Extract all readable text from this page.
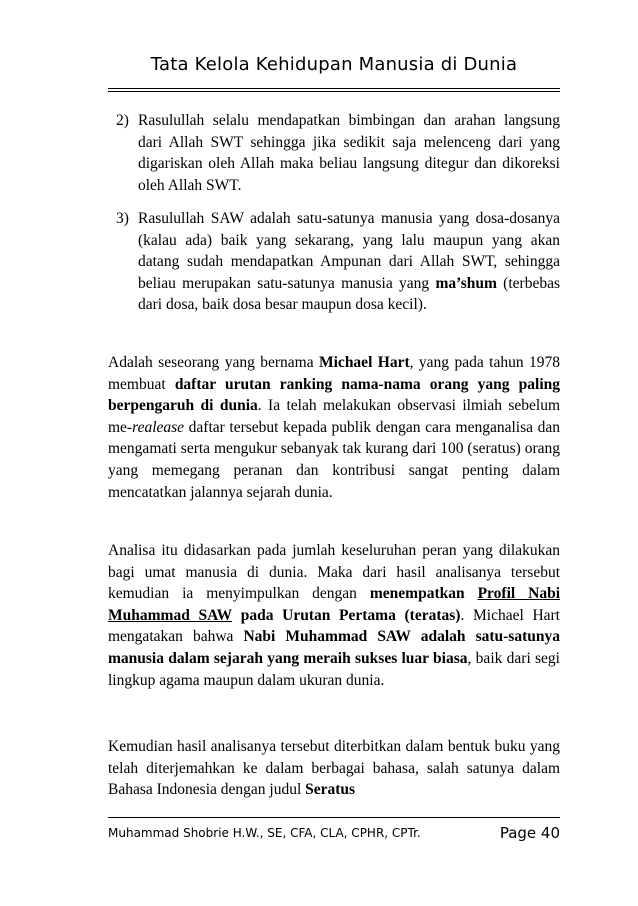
Tata Kelola Kehidupan Manusia di Dunia
2) Rasulullah selalu mendapatkan bimbingan dan arahan langsung dari Allah SWT sehingga jika sedikit saja melenceng dari yang digariskan oleh Allah maka beliau langsung ditegur dan dikoreksi oleh Allah SWT.
3) Rasulullah SAW adalah satu-satunya manusia yang dosa-dosanya (kalau ada) baik yang sekarang, yang lalu maupun yang akan datang sudah mendapatkan Ampunan dari Allah SWT, sehingga beliau merupakan satu-satunya manusia yang ma’shum (terbebas dari dosa, baik dosa besar maupun dosa kecil).
Adalah seseorang yang bernama Michael Hart, yang pada tahun 1978 membuat daftar urutan ranking nama-nama orang yang paling berpengaruh di dunia. Ia telah melakukan observasi ilmiah sebelum me-realease daftar tersebut kepada publik dengan cara menganalisa dan mengamati serta mengukur sebanyak tak kurang dari 100 (seratus) orang yang memegang peranan dan kontribusi sangat penting dalam mencatatkan jalannya sejarah dunia.
Analisa itu didasarkan pada jumlah keseluruhan peran yang dilakukan bagi umat manusia di dunia. Maka dari hasil analisanya tersebut kemudian ia menyimpulkan dengan menempatkan Profil Nabi Muhammad SAW pada Urutan Pertama (teratas). Michael Hart mengatakan bahwa Nabi Muhammad SAW adalah satu-satunya manusia dalam sejarah yang meraih sukses luar biasa, baik dari segi lingkup agama maupun dalam ukuran dunia.
Kemudian hasil analisanya tersebut diterbitkan dalam bentuk buku yang telah diterjemahkan ke dalam berbagai bahasa, salah satunya dalam Bahasa Indonesia dengan judul Seratus
Muhammad Shobrie H.W., SE, CFA, CLA, CPHR, CPTr.	Page 40
